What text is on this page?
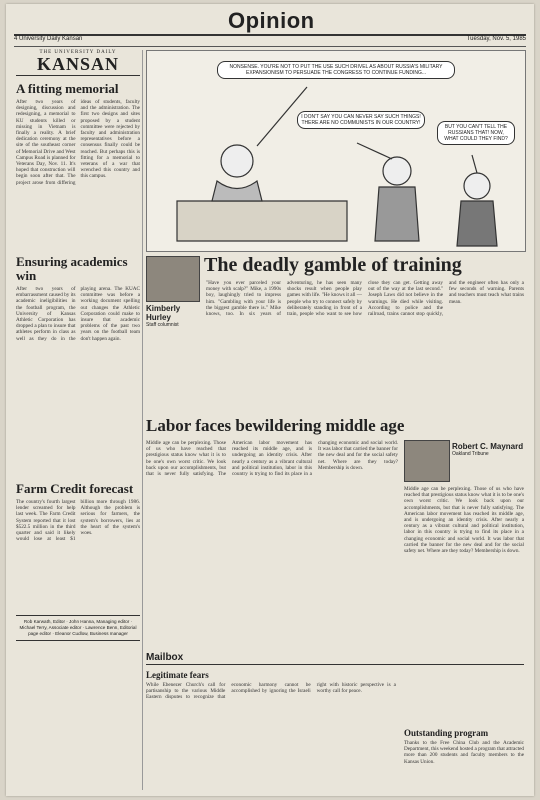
Opinion
4 University Daily Kansan	Tuesday, Nov. 5, 1985
THE UNIVERSITY DAILY
KANSAN
A fitting memorial
After two years of designing, discussion and redesigning, a memorial to KU students killed or missing in Vietnam is finally a reality. A brief dedication ceremony at the site of the southeast corner of Memorial Drive and West Campus Road is planned for Veterans Day, Nov. 11. It's hoped that construction will begin soon after that. The project arose from differing ideas of students, faculty and the administration. The first two designs and sites proposed by a student committee were rejected by faculty and administration representatives before a consensus finally could be reached. But perhaps this is fitting for a memorial to veterans of a war that wrenched this country and this campus.
Ensuring academics win
After two years of embarrassment caused by its academic ineligibilities in the football program, the University of Kansas Athletic Corporation has dropped a plan to insure that athletes perform in class as well as they do in the playing arena. The KUAC committee was before a working document spelling out changes the Athletic Corporation could make to insure that academic problems of the past two years on the football team don't happen again.
Farm Credit forecast
The country's fourth largest lender screamed for help last week. The Farm Credit System reported that it lost $522.5 million in the third quarter and said it likely would lose at least $1 billion more through 1986. Although the problem is serious for farmers, the system's borrowers, lies at the heart of the system's woes.
Rob Karwath, Editor · John Hanna, Managing editor · Michael Terry, Associate editor · Lawrence Benn, Editorial page editor · Eleanor Cudlow, Business manager
NONSENSE. YOU'RE NOT TO PUT THE USE SUCH DRIVEL AS ABOUT RUSSIA'S MILITARY EXPANSIONISM TO PERSUADE THE CONGRESS TO CONTINUE FUNDING...
I DON'T SAY YOU CAN NEVER SAY SUCH THINGS! THERE ARE NO COMMUNISTS IN OUR COUNTRY!
BUT YOU CAN'T TELL THE RUSSIANS THAT! NOW, WHAT COULD THEY FIND?
The deadly gamble of training
Kimberly Hurley
Staff columnist
"Have you ever parceled your money with scalp?" Mike, a 1990s boy, laughingly tried to impress him. "Gambling with your life is the biggest gamble there is." Mike knows, too. In six years of adventuring, he has seen many shocks result when people play games with life. "He knows it all — people who try to connect safely by deliberately standing in front of a train, people who want to see how close they can get. Getting away out of the way at the last second." Joseph Laws did not believe in the warnings. He died while visiting. According to police and the railroad, trains cannot stop quickly, and the engineer often has only a few seconds of warning. Parents and teachers must teach what trains mean.
Labor faces bewildering middle age
Robert C. Maynard
Oakland Tribune
Middle age can be perplexing. Those of us who have reached that prestigious status know what it is to be one's own worst critic. We look back upon our accomplishments, but that is never fully satisfying. The American labor movement has reached its middle age, and is undergoing an identity crisis. After nearly a century as a vibrant cultural and political institution, labor in this country is trying to find its place in a changing economic and social world. It was labor that carried the banner for the new deal and for the social safety net. Where are they today? Membership is down.
Middle age can be perplexing. Those of us who have reached that prestigious status know what it is to be one's own worst critic. We look back upon our accomplishments, but that is never fully satisfying. The American labor movement has reached its middle age, and is undergoing an identity crisis. After nearly a century as a vibrant cultural and political institution, labor in this country is trying to find its place in a changing economic and social world. It was labor that carried the banner for the new deal and for the social safety net. Where are they today? Membership is down.
Mailbox
Legitimate fears
While Ebenezer Church's call for partisanship to the various Middle Eastern disputes to recognize that economic harmony cannot be accomplished by ignoring the Israeli right with historic perspective is a worthy call for peace.
Outstanding program
Thanks to the Free China Club and the Academic Department, this weekend hosted a program that attracted more than 200 students and faculty members to the Kansas Union.
